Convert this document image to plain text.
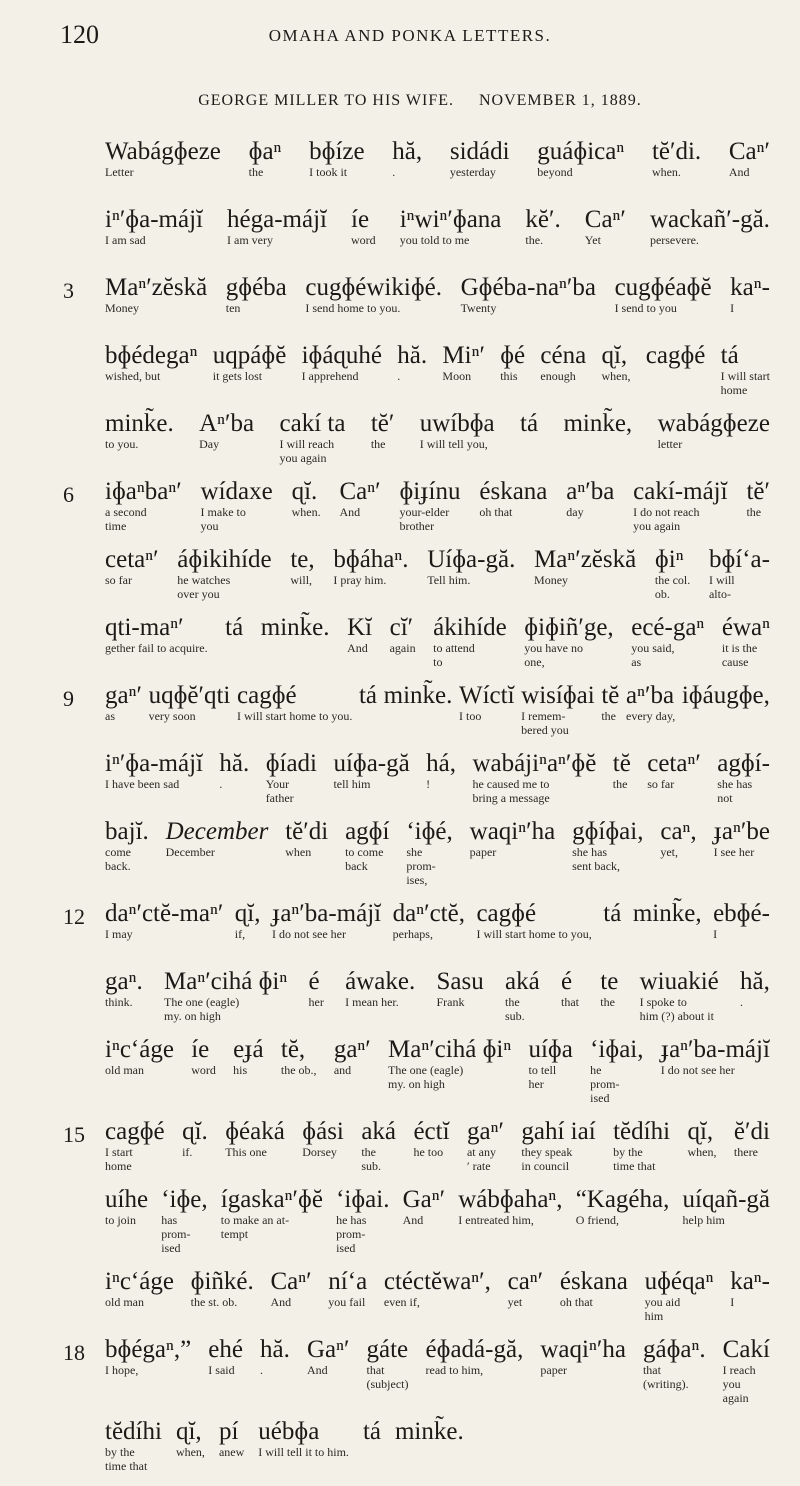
120	OMAHA AND PONKA LETTERS.
GEORGE MILLER TO HIS WIFE.     NOVEMBER 1, 1889.
Wabágɸeze
Letter
ɸaⁿ
the
bɸíze
I took it
hă,
.
sidádi
yesterday
guáɸicaⁿ
beyond
tĕ′di.
when.
Caⁿ′
And
iⁿ′ɸa-májĭ
I am sad
hégа-májĭ
I am very
íe
word
iⁿwiⁿ′ɸana
you told to me
kĕ′.
the.
Caⁿ′
Yet
wackañ′-gă.
persevere.
3 Maⁿ′zĕskă
Money
gɸéba
ten
cugɸéwikiɸé.
I send home to you.
Gɸéba-naⁿ′ba
Twenty
cugɸéaɸĕ
I send to you
kaⁿ-
I
bɸédegaⁿ
wished, but
uqpáɸĕ
it gets lost
iɸáɋuhé
I apprehend
hă.
.
Miⁿ′
Moon
ɸé
this
céna
enough
ɋĭ,
when,
cagɸé tá
I will start
home
mink̃e.
to you.
Aⁿ′ba
Day
cakí ta
I will reach
you again
tĕ′
the
uwíbɸa
I will tell you,
tá mink̃e, wabágɸeze
letter
6 iɸaⁿbaⁿ′
a second
time
wídaxe
I make to
you
ɋĭ.
when.
Caⁿ′
And
ɸiɟínu
your-elder
brother
éskana
oh that
aⁿ′ba
day
cakí-májĭ
I do not reach
you again
tĕ′
the
cetaⁿ′
so far
áɸikihíde
he watches
over you
te,
will,
bɸáhaⁿ.
I pray him.
Uíɸa-gă.
Tell him.
Maⁿ′zĕskă
Money
ɸiⁿ
the col.
ob.
bɸíʻa-
I will
alto-
qti-maⁿ′
gether fail to acquire.
tá mink̃e. Kĭ
And
cĭ′
again
ákihíde
to attend
to
ɸiɸiñ′ge,
you have no
one,
ecé-gaⁿ
you said,
as
éwaⁿ
it is the
cause
9 gaⁿ′
as
uqɸĕ′qti
very soon
cagɸé
I will start home to you.
tá mink̃e. Wíctĭ
I too
wisíɸai
I remem-
bered you
tĕ
the
aⁿ′ba
every day,
iɸáugɸe,
iⁿ′ɸa-májĭ
I have been sad
hă.
.
ɸíadi
Your
father
uíɸa-gă
tell him
há,
!
wabájiⁿaⁿ′ɸĕ
he caused me to
bring a message
tĕ
the
cetaⁿ′
so far
agɸí-
she has
not
bajĭ.
come
back.
December
December
tĕ′di
when
agɸí
to come
back
ʻiɸé,
she
prom-
ises,
waqiⁿ′ha
paper
gɸíɸai,
she has
sent back,
caⁿ,
yet,
ɟaⁿ′be
I see her
12 daⁿ′ctĕ-maⁿ′
I may
ɋĭ,
if,
ɟaⁿ′ba-májĭ
I do not see her
daⁿ′ctĕ,
perhaps,
cagɸé
I will start home to you,
tá mink̃e, ebɸé-
I
gaⁿ.
think.
Maⁿ′cihá ɸiⁿ
The one (eagle)
my. on high
é
her
áwake.
I mean her.
Sasu
Frank
aká
the
sub.
é
that
te
the
wiuakié
I spoke to
him (?) about it
hă,
.
iⁿcʻáge
old man
íe
word
eɟá
his
tĕ,
the ob.,
gaⁿ′
and
Maⁿ′cihá ɸiⁿ
The one (eagle)
my. on high
uíɸa
to tell
her
ʻiɸai,
he
prom-
ised
ɟaⁿ′ba-májĭ
I do not see her
15 cagɸé
I start
home
ɋĭ.
if.
ɸéaká
This one
ɸási
Dorsey
aká
the
sub.
éctĭ
he too
gaⁿ′
at any
′ rate
gahí iaí
they speak
in council
tĕdíhi
by the
time that
ɋĭ,
when,
ĕ′di
there
uíhe
to join
ʻiɸe,
has
prom-
ised
ígaskaⁿ′ɸĕ
to make an at-
tempt
ʻiɸai.
he has
prom-
ised
Gaⁿ′
And
wábɸahaⁿ,
I entreated him,
“Kagéha,
O friend,
uíɋañ-gă
help him
iⁿcʻáge
old man
ɸiñké.
the st. ob.
Caⁿ′
And
níʻa
you fail
ctéctĕwaⁿ′,
even if,
caⁿ′
yet
éskana
oh that
uɸéɋaⁿ
you aid
him
kaⁿ-
I
18 bɸégaⁿ,”
I hope,
ehé
I said
hă.
.
Gaⁿ′
And
gáte
that
(subject)
éɸadá-gă,
read to him,
waqiⁿ′ha
paper
gáɸaⁿ.
that
(writing).
Cakí
I reach
you
again
tĕdíhi
by the
time that
ɋĭ,
when,
pí
anew
uébɸa
I will tell it to him.
tá mink̃e.
